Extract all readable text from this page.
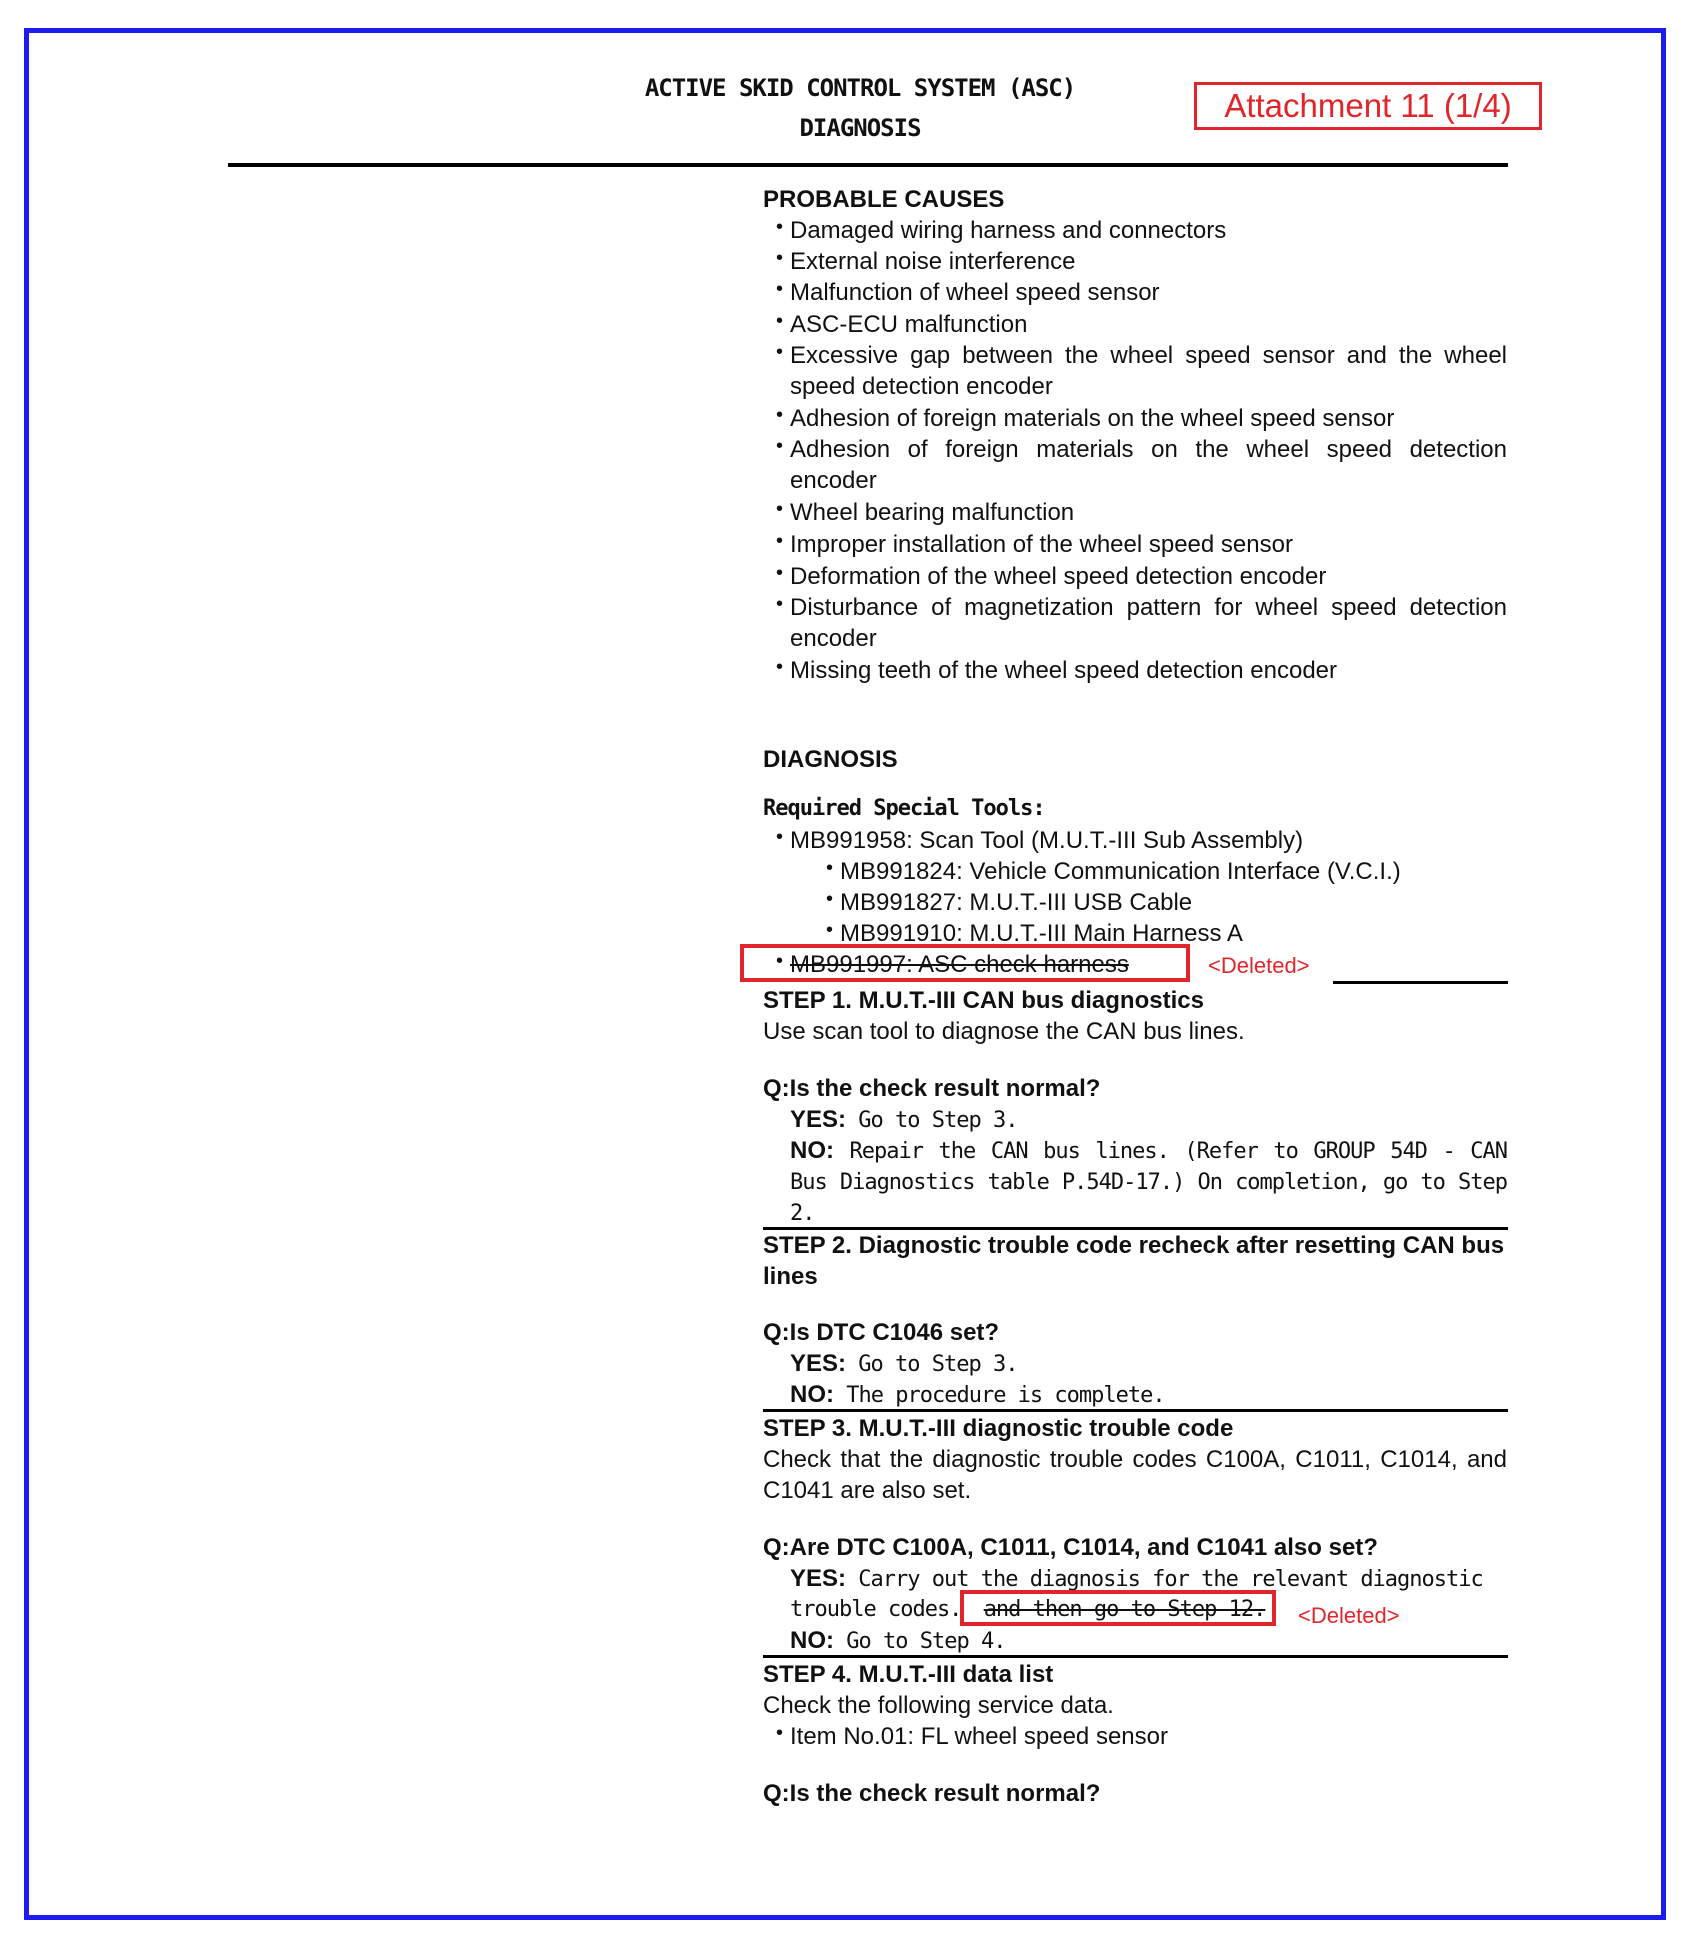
ACTIVE SKID CONTROL SYSTEM (ASC)
DIAGNOSIS
Attachment 11 (1/4)
PROBABLE CAUSES
• Damaged wiring harness and connectors
• External noise interference
• Malfunction of wheel speed sensor
• ASC-ECU malfunction
• Excessive gap between the wheel speed sensor and the wheel speed detection encoder
• Adhesion of foreign materials on the wheel speed sensor
• Adhesion of foreign materials on the wheel speed detection encoder
• Wheel bearing malfunction
• Improper installation of the wheel speed sensor
• Deformation of the wheel speed detection encoder
• Disturbance of magnetization pattern for wheel speed detection encoder
• Missing teeth of the wheel speed detection encoder
DIAGNOSIS
Required Special Tools:
• MB991958: Scan Tool (M.U.T.-III Sub Assembly)
• MB991824: Vehicle Communication Interface (V.C.I.)
• MB991827: M.U.T.-III USB Cable
• MB991910: M.U.T.-III Main Harness A
• MB991997: ASC check harness	<Deleted>
STEP 1. M.U.T.-III CAN bus diagnostics
Use scan tool to diagnose the CAN bus lines.
Q:Is the check result normal?
YES: Go to Step 3.
NO: Repair the CAN bus lines. (Refer to GROUP 54D - CAN Bus Diagnostics table P.54D-17.) On completion, go to Step 2.
STEP 2. Diagnostic trouble code recheck after resetting CAN bus lines
Q:Is DTC C1046 set?
YES: Go to Step 3.
NO: The procedure is complete.
STEP 3. M.U.T.-III diagnostic trouble code
Check that the diagnostic trouble codes C100A, C1011, C1014, and C1041 are also set.
Q:Are DTC C100A, C1011, C1014, and C1041 also set?
YES: Carry out the diagnosis for the relevant diagnostic
trouble codes. and then go to Step 12.
NO: Go to Step 4.
<Deleted>
STEP 4. M.U.T.-III data list
Check the following service data.
• Item No.01: FL wheel speed sensor
Q:Is the check result normal?
